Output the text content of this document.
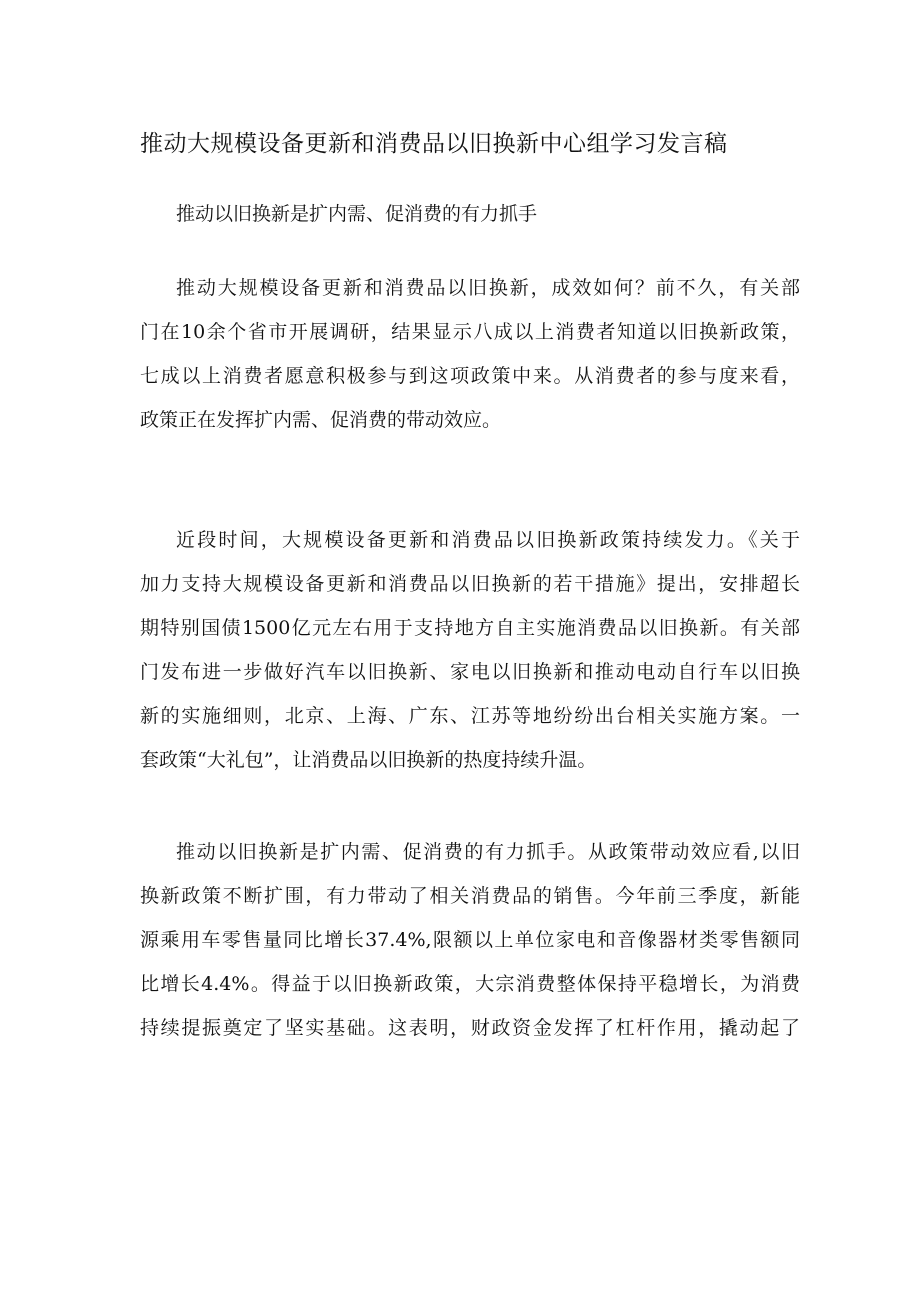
推动大规模设备更新和消费品以旧换新中心组学习发言稿

推动以旧换新是扩内需、促消费的有力抓手

推动大规模设备更新和消费品以旧换新，成效如何？前不久，有关部
门在10余个省市开展调研，结果显示八成以上消费者知道以旧换新政策，
七成以上消费者愿意积极参与到这项政策中来。从消费者的参与度来看，
政策正在发挥扩内需、促消费的带动效应。
近段时间，大规模设备更新和消费品以旧换新政策持续发力。《关于
加力支持大规模设备更新和消费品以旧换新的若干措施》提出，安排超长
期特别国债1500亿元左右用于支持地方自主实施消费品以旧换新。有关部
门发布进一步做好汽车以旧换新、家电以旧换新和推动电动自行车以旧换
新的实施细则，北京、上海、广东、江苏等地纷纷出台相关实施方案。一
套政策“大礼包”，让消费品以旧换新的热度持续升温。
推动以旧换新是扩内需、促消费的有力抓手。从政策带动效应看,以旧
换新政策不断扩围，有力带动了相关消费品的销售。今年前三季度，新能
源乘用车零售量同比增长37.4%,限额以上单位家电和音像器材类零售额同
比增长4.4%。得益于以旧换新政策，大宗消费整体保持平稳增长，为消费
持续提振奠定了坚实基础。这表明，财政资金发挥了杠杆作用，撬动起了
